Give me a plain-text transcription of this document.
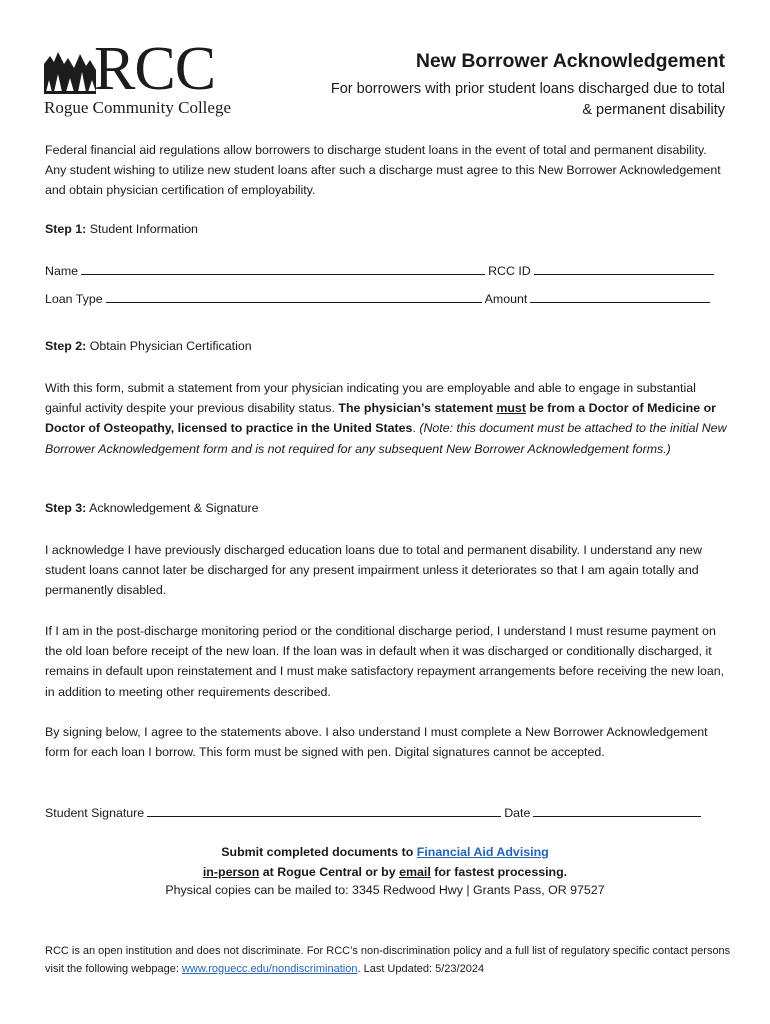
RCC
Rogue Community College
New Borrower Acknowledgement
For borrowers with prior student loans discharged due to total & permanent disability

Federal financial aid regulations allow borrowers to discharge student loans in the event of total and permanent disability. Any student wishing to utilize new student loans after such a discharge must agree to this New Borrower Acknowledgement and obtain physician certification of employability.

Step 1: Student Information
Name	RCC ID
Loan Type	Amount
Step 2: Obtain Physician Certification

With this form, submit a statement from your physician indicating you are employable and able to engage in substantial gainful activity despite your previous disability status. The physician’s statement must be from a Doctor of Medicine or Doctor of Osteopathy, licensed to practice in the United States. (Note: this document must be attached to the initial New Borrower Acknowledgement form and is not required for any subsequent New Borrower Acknowledgement forms.)

Step 3: Acknowledgement & Signature

I acknowledge I have previously discharged education loans due to total and permanent disability. I understand any new student loans cannot later be discharged for any present impairment unless it deteriorates so that I am again totally and permanently disabled.

If I am in the post-discharge monitoring period or the conditional discharge period, I understand I must resume payment on the old loan before receipt of the new loan. If the loan was in default when it was discharged or conditionally discharged, it remains in default upon reinstatement and I must make satisfactory repayment arrangements before receiving the new loan, in addition to meeting other requirements described.

By signing below, I agree to the statements above. I also understand I must complete a New Borrower Acknowledgement form for each loan I borrow. This form must be signed with pen. Digital signatures cannot be accepted.

Student Signature	Date
Submit completed documents to Financial Aid Advising
in-person at Rogue Central or by email for fastest processing.
Physical copies can be mailed to: 3345 Redwood Hwy | Grants Pass, OR 97527

RCC is an open institution and does not discriminate. For RCC’s non-discrimination policy and a full list of regulatory specific contact persons visit the following webpage: www.roguecc.edu/nondiscrimination. Last Updated: 5/23/2024
